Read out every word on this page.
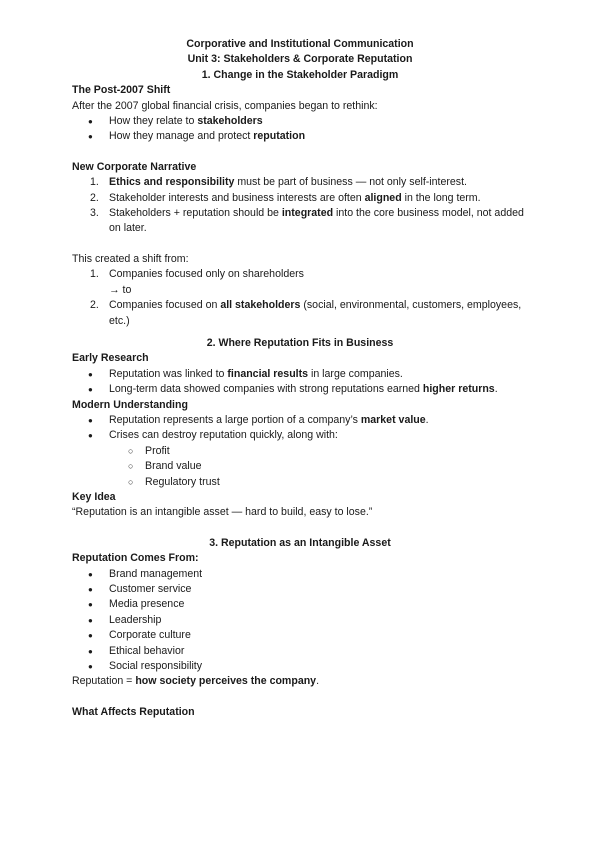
Corporative and Institutional Communication
Unit 3: Stakeholders & Corporate Reputation
1. Change in the Stakeholder Paradigm
The Post-2007 Shift

After the 2007 global financial crisis, companies began to rethink:

● How they relate to stakeholders
● How they manage and protect reputation
New Corporate Narrative
1. Ethics and responsibility must be part of business — not only self-interest.
2. Stakeholder interests and business interests are often aligned in the long term.
3. Stakeholders + reputation should be integrated into the core business model, not added on later.

This created a shift from:

1. Companies focused only on shareholders
→ to
2. Companies focused on all stakeholders (social, environmental, customers, employees, etc.)
2. Where Reputation Fits in Business
Early Research
● Reputation was linked to financial results in large companies.
● Long-term data showed companies with strong reputations earned higher returns.
Modern Understanding
● Reputation represents a large portion of a company’s market value.
● Crises can destroy reputation quickly, along with:
○ Profit
○ Brand value
○ Regulatory trust
Key Idea

“Reputation is an intangible asset — hard to build, easy to lose.”

3. Reputation as an Intangible Asset
Reputation Comes From:
● Brand management
● Customer service
● Media presence
● Leadership
● Corporate culture
● Ethical behavior
● Social responsibility

Reputation = how society perceives the company.

What Affects Reputation
